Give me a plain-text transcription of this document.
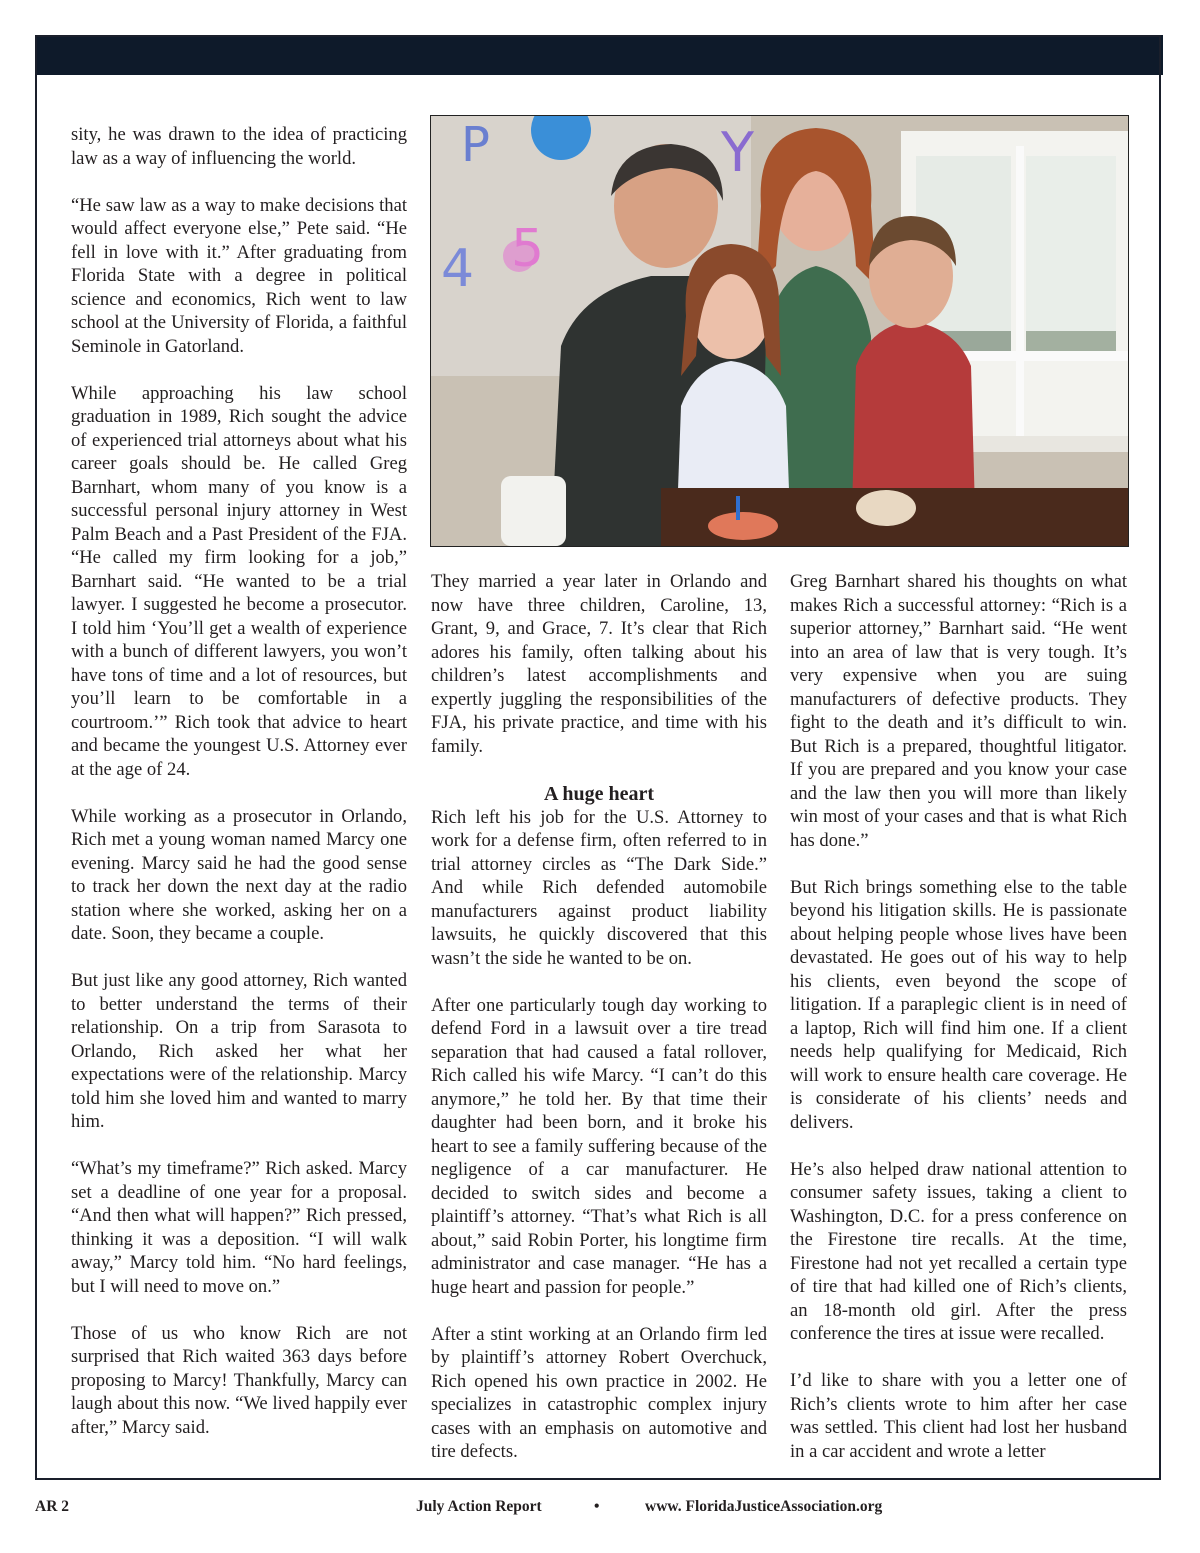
sity, he was drawn to the idea of practicing law as a way of influencing the world.

“He saw law as a way to make decisions that would affect everyone else,” Pete said. “He fell in love with it.” After graduating from Florida State with a degree in political science and economics, Rich went to law school at the University of Florida, a faithful Seminole in Gatorland.

While approaching his law school graduation in 1989, Rich sought the advice of experienced trial attorneys about what his career goals should be. He called Greg Barnhart, whom many of you know is a successful personal injury attorney in West Palm Beach and a Past President of the FJA. “He called my firm looking for a job,” Barnhart said. “He wanted to be a trial lawyer. I suggested he become a prosecutor. I told him ‘You’ll get a wealth of experience with a bunch of different lawyers, you won’t have tons of time and a lot of resources, but you’ll learn to be comfortable in a courtroom.’” Rich took that advice to heart and became the youngest U.S. Attorney ever at the age of 24.

While working as a prosecutor in Orlando, Rich met a young woman named Marcy one evening. Marcy said he had the good sense to track her down the next day at the radio station where she worked, asking her on a date. Soon, they became a couple.

But just like any good attorney, Rich wanted to better understand the terms of their relationship. On a trip from Sarasota to Orlando, Rich asked her what her expectations were of the relationship. Marcy told him she loved him and wanted to marry him.

“What’s my timeframe?” Rich asked. Marcy set a deadline of one year for a proposal. “And then what will happen?” Rich pressed, thinking it was a deposition. “I will walk away,” Marcy told him. “No hard feelings, but I will need to move on.”

Those of us who know Rich are not surprised that Rich waited 363 days before proposing to Marcy! Thankfully, Marcy can laugh about this now. “We lived happily ever after,” Marcy said.

P	Y
4 5

They married a year later in Orlando and now have three children, Caroline, 13, Grant, 9, and Grace, 7. It’s clear that Rich adores his family, often talking about his children’s latest accomplishments and expertly juggling the responsibilities of the FJA, his private practice, and time with his family.

A huge heart

Rich left his job for the U.S. Attorney to work for a defense firm, often referred to in trial attorney circles as “The Dark Side.” And while Rich defended automobile manufacturers against product liability lawsuits, he quickly discovered that this wasn’t the side he wanted to be on.

After one particularly tough day working to defend Ford in a lawsuit over a tire tread separation that had caused a fatal rollover, Rich called his wife Marcy. “I can’t do this anymore,” he told her. By that time their daughter had been born, and it broke his heart to see a family suffering because of the negligence of a car manufacturer. He decided to switch sides and become a plaintiff’s attorney. “That’s what Rich is all about,” said Robin Porter, his longtime firm administrator and case manager. “He has a huge heart and passion for people.”

After a stint working at an Orlando firm led by plaintiff’s attorney Robert Overchuck, Rich opened his own practice in 2002. He specializes in catastrophic complex injury cases with an emphasis on automotive and tire defects.

Greg Barnhart shared his thoughts on what makes Rich a successful attorney: “Rich is a superior attorney,” Barnhart said. “He went into an area of law that is very tough. It’s very expensive when you are suing manufacturers of defective products. They fight to the death and it’s difficult to win. But Rich is a prepared, thoughtful litigator. If you are prepared and you know your case and the law then you will more than likely win most of your cases and that is what Rich has done.”

But Rich brings something else to the table beyond his litigation skills. He is passionate about helping people whose lives have been devastated. He goes out of his way to help his clients, even beyond the scope of litigation. If a paraplegic client is in need of a laptop, Rich will find him one. If a client needs help qualifying for Medicaid, Rich will work to ensure health care coverage. He is considerate of his clients’ needs and delivers.

He’s also helped draw national attention to consumer safety issues, taking a client to Washington, D.C. for a press conference on the Firestone tire recalls. At the time, Firestone had not yet recalled a certain type of tire that had killed one of Rich’s clients, an 18-month old girl. After the press conference the tires at issue were recalled.

I’d like to share with you a letter one of Rich’s clients wrote to him after her case was settled. This client had lost her husband in a car accident and wrote a letter

AR 2	July Action Report	•	www. FloridaJusticeAssociation.org
